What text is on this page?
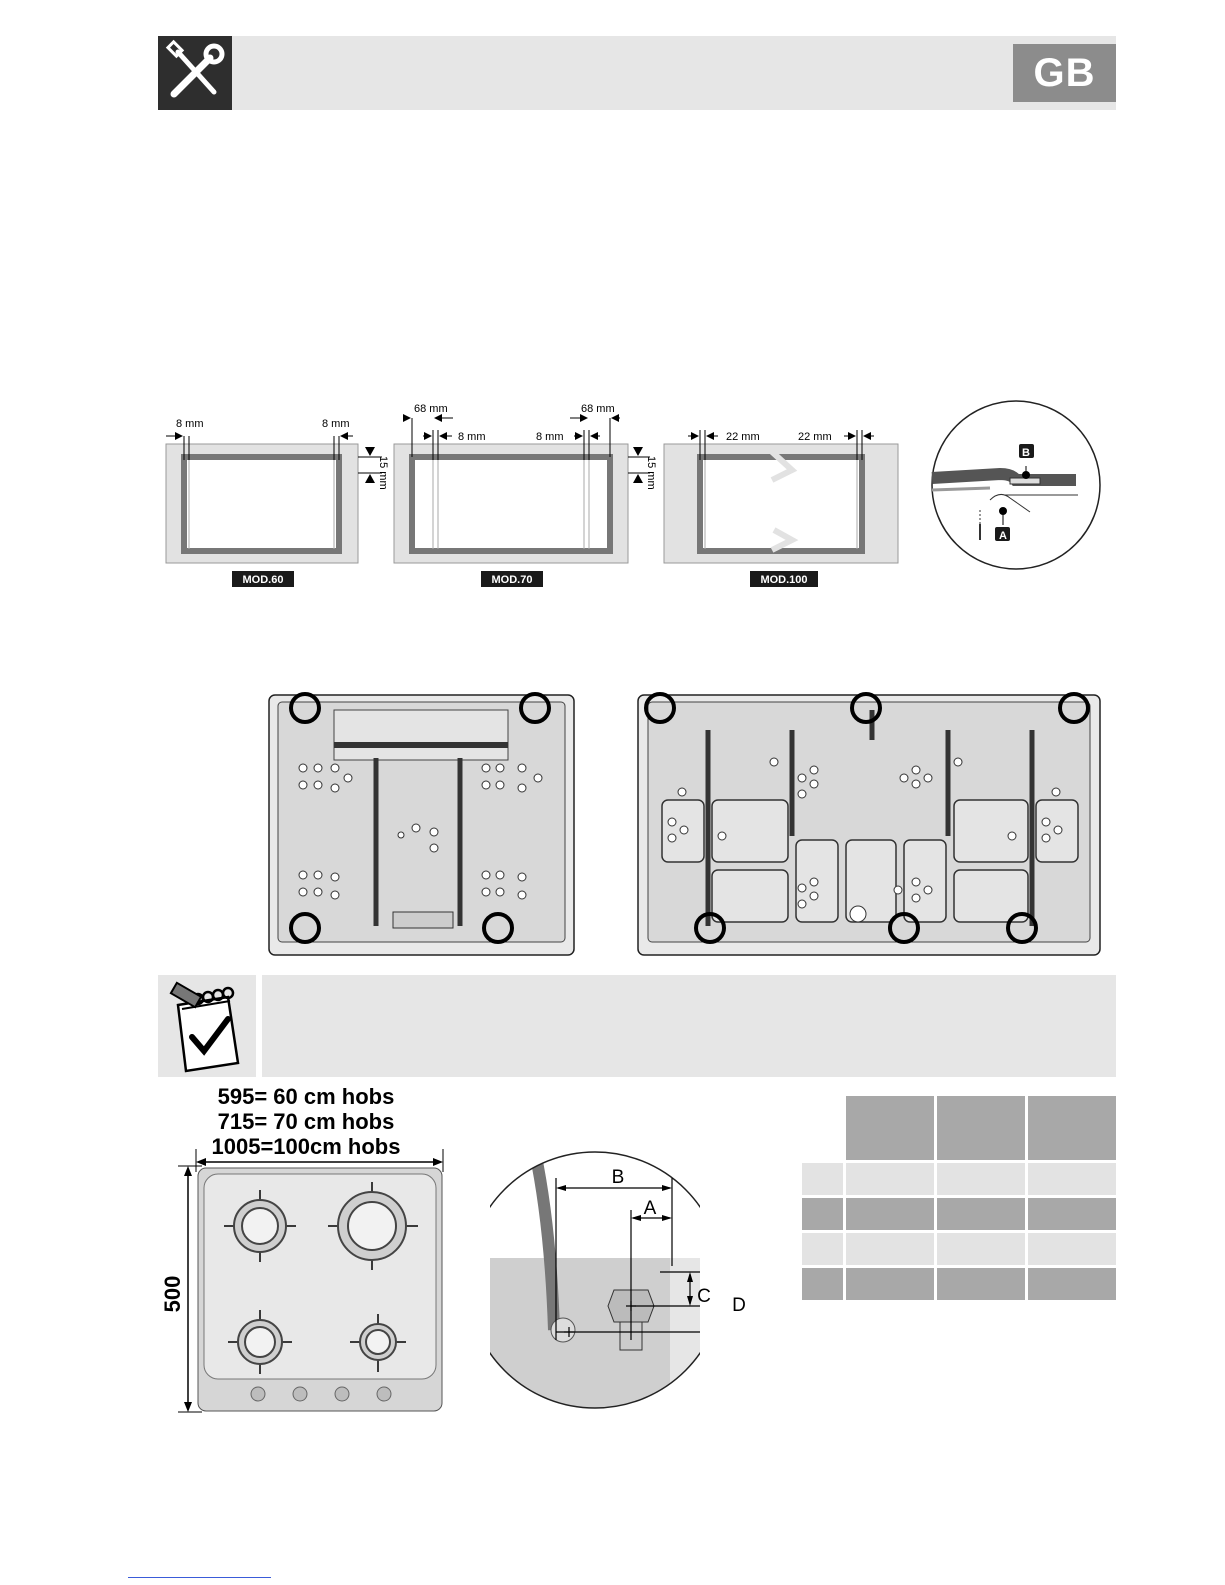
GB
8 mm	8 mm
15 mm
MOD.60
68 mm
8 mm	8 mm
68 mm
15 mm
MOD.70
22 mm	22 mm
MOD.100
B
A
595= 60 cm hobs
715= 70 cm hobs
1005=100cm hobs
500
B
A
C D
